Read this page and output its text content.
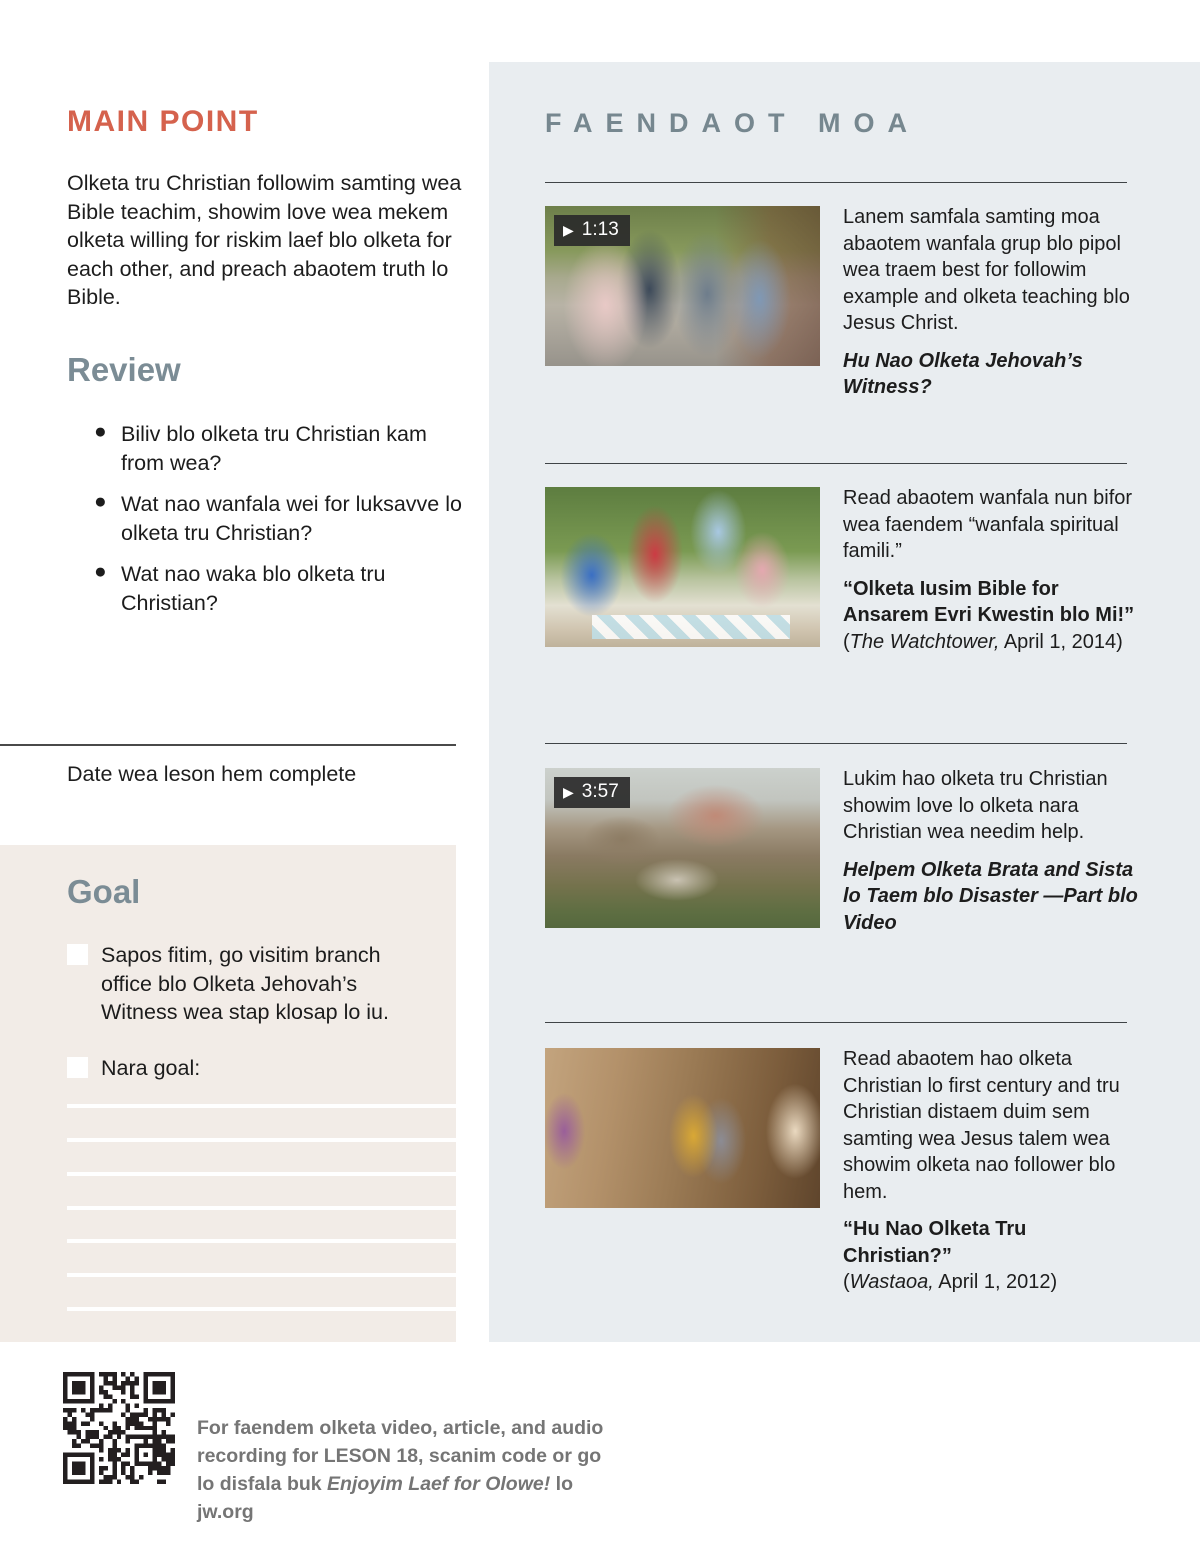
MAIN POINT

Olketa tru Christian followim samting wea Bible teachim, showim love wea mekem olketa willing for riskim laef blo olketa for each other, and preach abaotem truth lo Bible.

Review
● Biliv blo olketa tru Christian kam from wea?
● Wat nao wanfala wei for luksavve lo olketa tru Christian?
● Wat nao waka blo olketa tru Christian?
Date wea leson hem complete
Goal
Sapos fitim, go visitim branch office blo Olketa Jehovah’s Witness wea stap klosap lo iu.
Nara goal:
FAENDAOT MOA
▶ 1:13
Lanem samfala samting moa abaotem wanfala grup blo pipol wea traem best for followim example and olketa teaching blo Jesus Christ.
Hu Nao Olketa Jehovah’s Witness?
Read abaotem wanfala nun bifor wea faendem “wanfala spiritual famili.”
“Olketa Iusim Bible for Ansarem Evri Kwestin blo Mi!”
(The Watchtower, April 1, 2014)
▶ 3:57
Lukim hao olketa tru Christian showim love lo olketa nara Christian wea needim help.
Helpem Olketa Brata and Sista lo Taem blo Disaster —Part blo Video
Read abaotem hao olketa Christian lo first century and tru Christian distaem duim sem samting wea Jesus talem wea showim olketa nao follower blo hem.
“Hu Nao Olketa Tru Christian?”
(Wastaoa, April 1, 2012)
For faendem olketa video, article, and audio recording for LESON 18, scanim code or go lo disfala buk Enjoyim Laef for Olowe! lo jw.org
